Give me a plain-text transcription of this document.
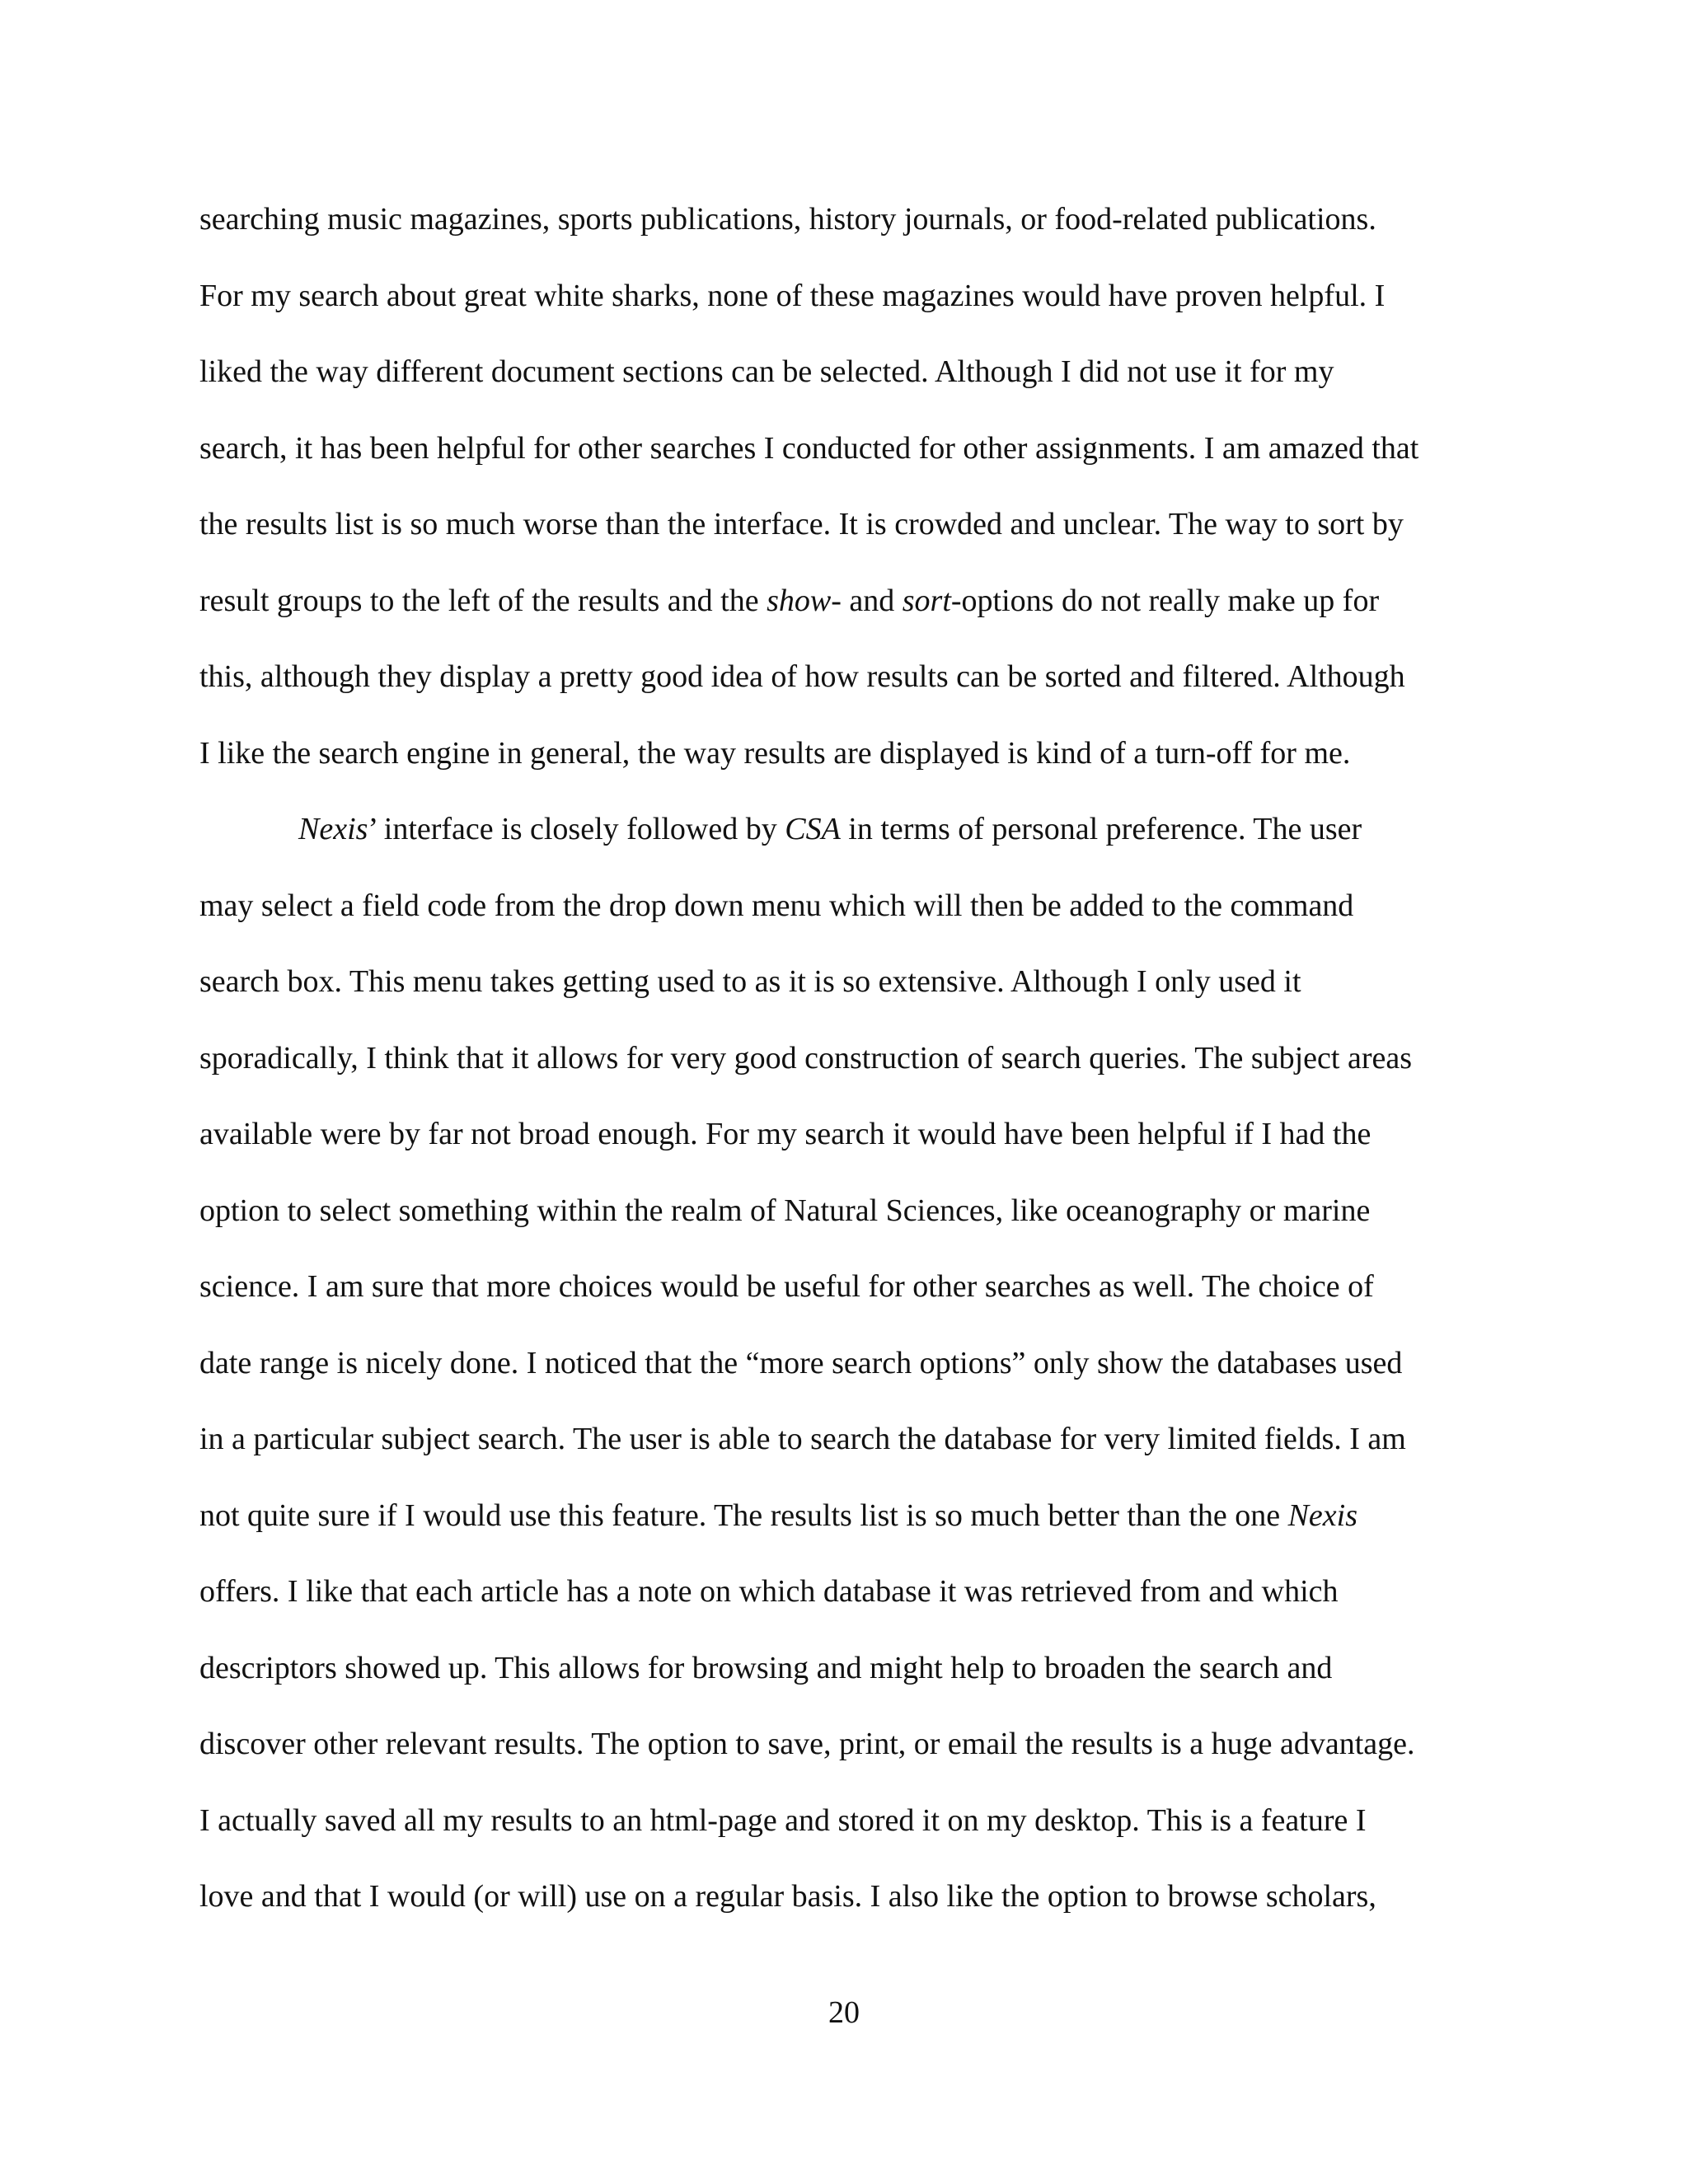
searching music magazines, sports publications, history journals, or food-related publications.
For my search about great white sharks, none of these magazines would have proven helpful. I
liked the way different document sections can be selected. Although I did not use it for my
search, it has been helpful for other searches I conducted for other assignments. I am amazed that
the results list is so much worse than the interface. It is crowded and unclear. The way to sort by
result groups to the left of the results and the show- and sort-options do not really make up for
this, although they display a pretty good idea of how results can be sorted and filtered. Although
I like the search engine in general, the way results are displayed is kind of a turn-off for me.
Nexis’ interface is closely followed by CSA in terms of personal preference. The user
may select a field code from the drop down menu which will then be added to the command
search box. This menu takes getting used to as it is so extensive. Although I only used it
sporadically, I think that it allows for very good construction of search queries. The subject areas
available were by far not broad enough. For my search it would have been helpful if I had the
option to select something within the realm of Natural Sciences, like oceanography or marine
science. I am sure that more choices would be useful for other searches as well. The choice of
date range is nicely done. I noticed that the “more search options” only show the databases used
in a particular subject search. The user is able to search the database for very limited fields. I am
not quite sure if I would use this feature. The results list is so much better than the one Nexis
offers. I like that each article has a note on which database it was retrieved from and which
descriptors showed up. This allows for browsing and might help to broaden the search and
discover other relevant results. The option to save, print, or email the results is a huge advantage.
I actually saved all my results to an html-page and stored it on my desktop. This is a feature I
love and that I would (or will) use on a regular basis. I also like the option to browse scholars,
20
